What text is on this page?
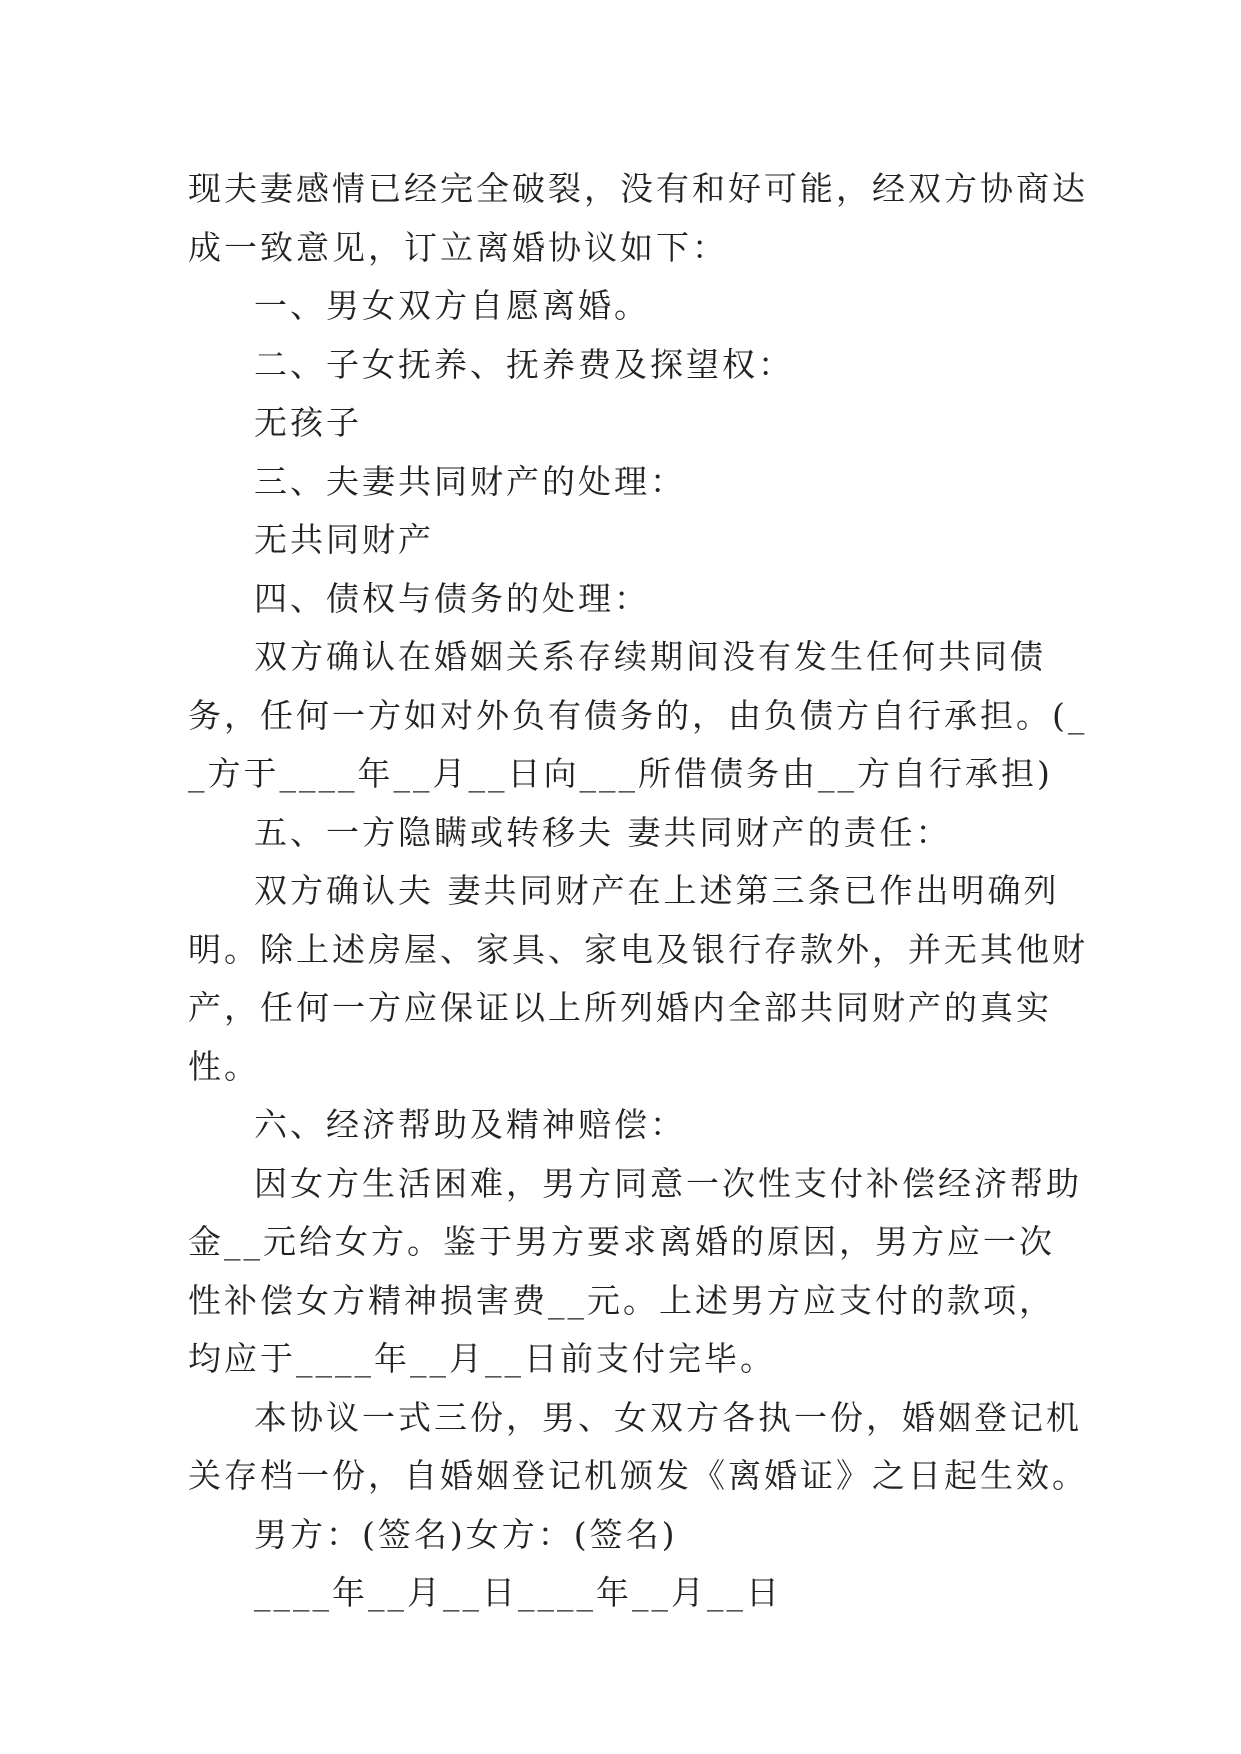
现夫妻感情已经完全破裂，没有和好可能，经双方协商达成一致意见，订立离婚协议如下：

一、男女双方自愿离婚。

二、子女抚养、抚养费及探望权：

无孩子

三、夫妻共同财产的处理：

无共同财产

四、债权与债务的处理：

双方确认在婚姻关系存续期间没有发生任何共同债务，任何一方如对外负有债务的，由负债方自行承担。(__方于____年__月__日向___所借债务由__方自行承担)

五、一方隐瞒或转移夫 妻共同财产的责任：

双方确认夫 妻共同财产在上述第三条已作出明确列明。除上述房屋、家具、家电及银行存款外，并无其他财产，任何一方应保证以上所列婚内全部共同财产的真实性。

六、经济帮助及精神赔偿：

因女方生活困难，男方同意一次性支付补偿经济帮助金__元给女方。鉴于男方要求离婚的原因，男方应一次性补偿女方精神损害费__元。上述男方应支付的款项，均应于____年__月__日前支付完毕。

本协议一式三份，男、女双方各执一份，婚姻登记机关存档一份，自婚姻登记机颁发《离婚证》之日起生效。

男方：(签名)女方：(签名)

____年__月__日____年__月__日
